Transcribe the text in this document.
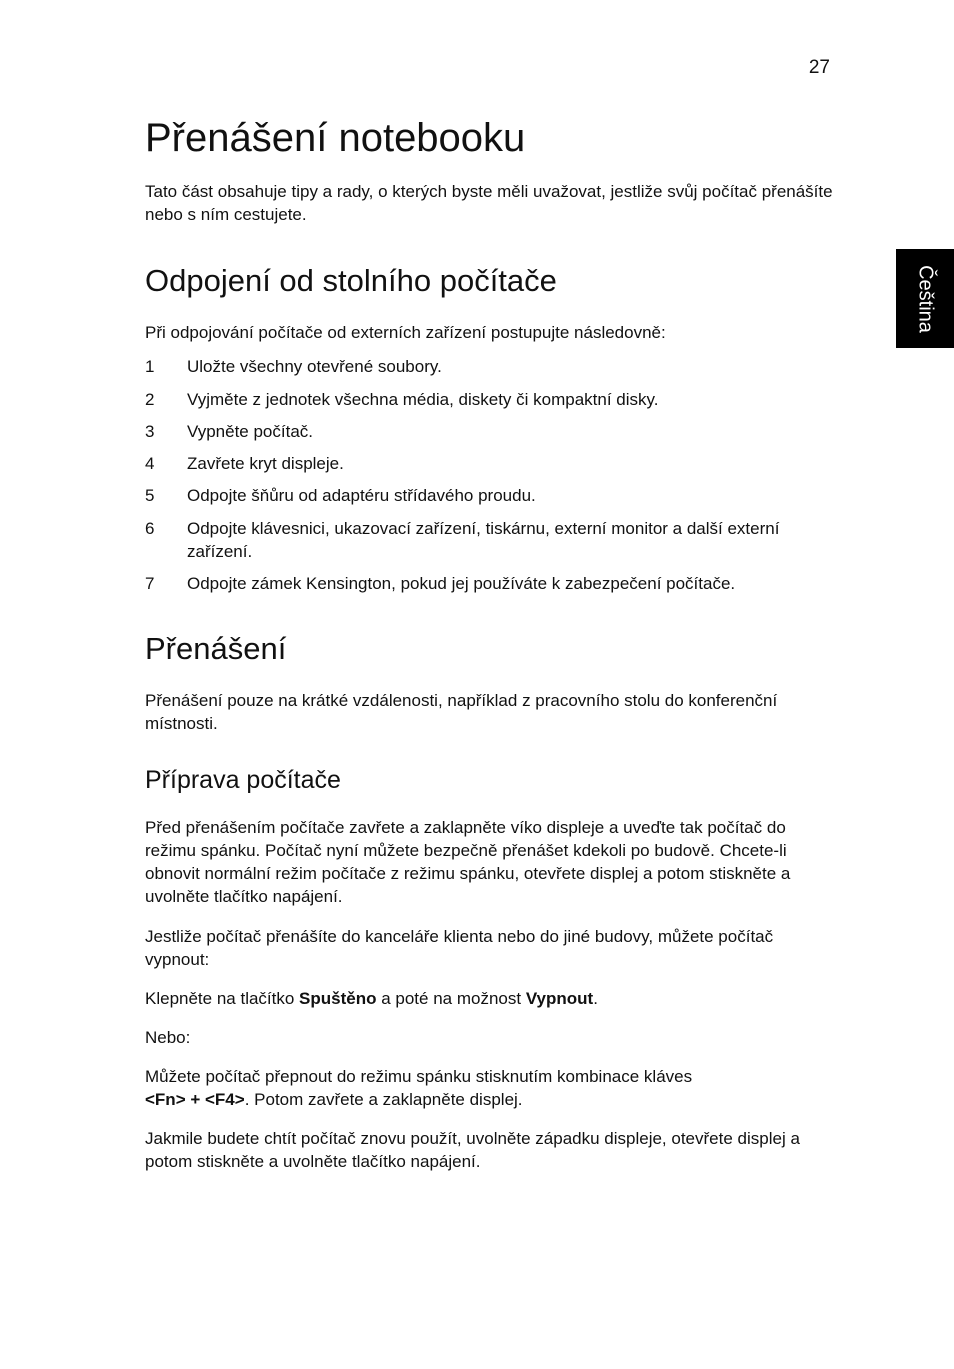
27
Čeština
Přenášení notebooku

Tato část obsahuje tipy a rady, o kterých byste měli uvažovat, jestliže svůj počítač přenášíte nebo s ním cestujete.

Odpojení od stolního počítače

Při odpojování počítače od externích zařízení postupujte následovně:

1 Uložte všechny otevřené soubory.
2 Vyjměte z jednotek všechna média, diskety či kompaktní disky.
3 Vypněte počítač.
4 Zavřete kryt displeje.
5 Odpojte šňůru od adaptéru střídavého proudu.
6 Odpojte klávesnici, ukazovací zařízení, tiskárnu, externí monitor a další externí zařízení.
7 Odpojte zámek Kensington, pokud jej používáte k zabezpečení počítače.
Přenášení

Přenášení pouze na krátké vzdálenosti, například z pracovního stolu do konferenční místnosti.

Příprava počítače

Před přenášením počítače zavřete a zaklapněte víko displeje a uveďte tak počítač do režimu spánku. Počítač nyní můžete bezpečně přenášet kdekoli po budově. Chcete-li obnovit normální režim počítače z režimu spánku, otevřete displej a potom stiskněte a uvolněte tlačítko napájení.

Jestliže počítač přenášíte do kanceláře klienta nebo do jiné budovy, můžete počítač vypnout:

Klepněte na tlačítko Spuštěno a poté na možnost Vypnout.

Nebo:

Můžete počítač přepnout do režimu spánku stisknutím kombinace kláves
<Fn> + <F4>. Potom zavřete a zaklapněte displej.

Jakmile budete chtít počítač znovu použít, uvolněte západku displeje, otevřete displej a potom stiskněte a uvolněte tlačítko napájení.
